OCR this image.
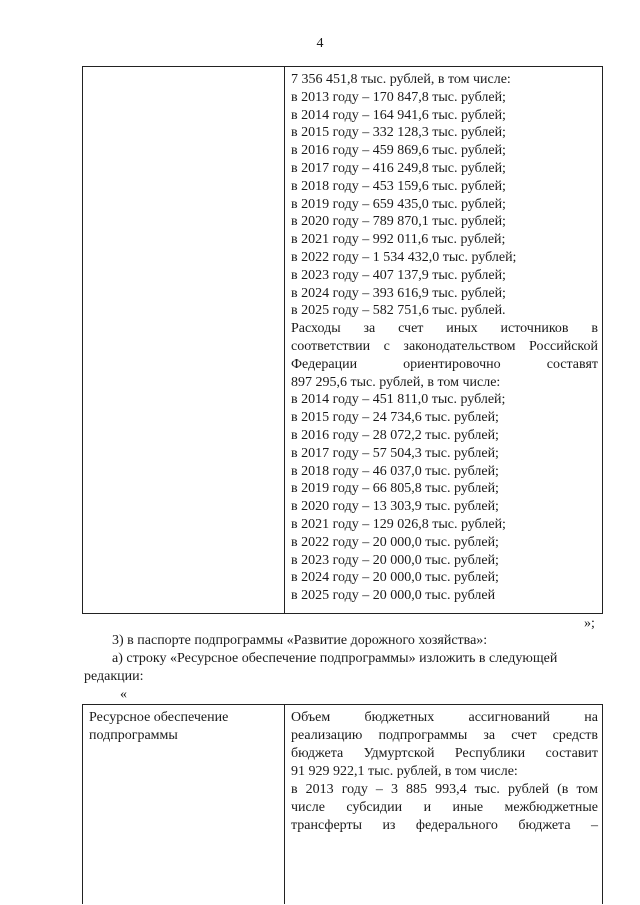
4
7 356 451,8 тыс. рублей, в том числе:
в 2013 году – 170 847,8 тыс. рублей;
в 2014 году – 164 941,6 тыс. рублей;
в 2015 году – 332 128,3 тыс. рублей;
в 2016 году – 459 869,6 тыс. рублей;
в 2017 году – 416 249,8 тыс. рублей;
в 2018 году – 453 159,6 тыс. рублей;
в 2019 году – 659 435,0 тыс. рублей;
в 2020 году – 789 870,1 тыс. рублей;
в 2021 году – 992 011,6 тыс. рублей;
в 2022 году – 1 534 432,0 тыс. рублей;
в 2023 году – 407 137,9 тыс. рублей;
в 2024 году – 393 616,9 тыс. рублей;
в 2025 году – 582 751,6 тыс. рублей.
Расходы за счет иных источников в
соответствии с законодательством Российской
Федерации ориентировочно составят
897 295,6 тыс. рублей, в том числе:
в 2014 году – 451 811,0 тыс. рублей;
в 2015 году – 24 734,6 тыс. рублей;
в 2016 году – 28 072,2 тыс. рублей;
в 2017 году – 57 504,3 тыс. рублей;
в 2018 году – 46 037,0 тыс. рублей;
в 2019 году – 66 805,8 тыс. рублей;
в 2020 году – 13 303,9 тыс. рублей;
в 2021 году – 129 026,8 тыс. рублей;
в 2022 году – 20 000,0 тыс. рублей;
в 2023 году – 20 000,0 тыс. рублей;
в 2024 году – 20 000,0 тыс. рублей;
в 2025 году – 20 000,0 тыс. рублей
»;
3) в паспорте подпрограммы «Развитие дорожного хозяйства»:
а) строку «Ресурсное обеспечение подпрограммы» изложить в следующей
редакции:
«
Ресурсное обеспечение подпрограммы
Объем бюджетных ассигнований на
реализацию подпрограммы за счет средств
бюджета Удмуртской Республики составит
91 929 922,1 тыс. рублей, в том числе:
в 2013 году – 3 885 993,4 тыс. рублей (в том
числе субсидии и иные межбюджетные
трансферты из федерального бюджета –
